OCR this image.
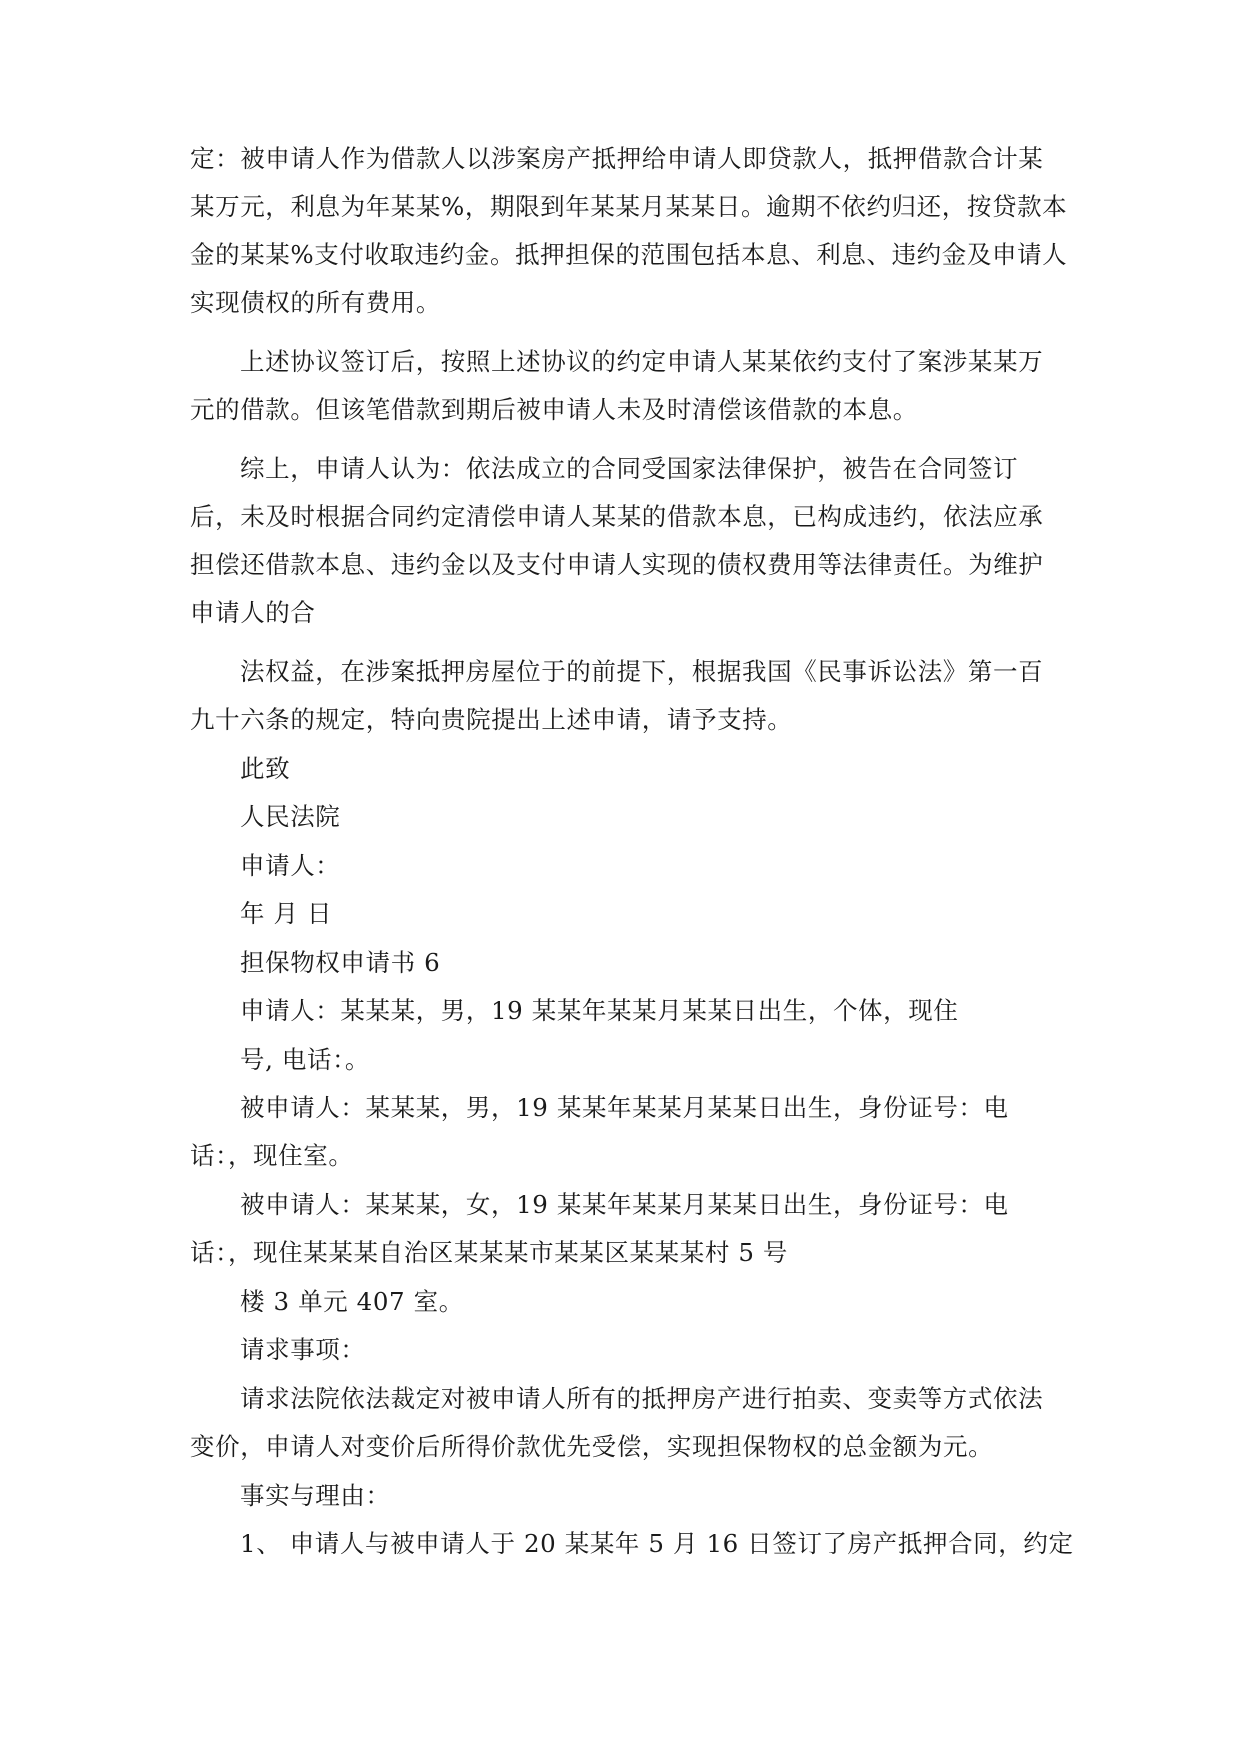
定：被申请人作为借款人以涉案房产抵押给申请人即贷款人，抵押借款合计某
某万元，利息为年某某%，期限到年某某月某某日。逾期不依约归还，按贷款本
金的某某%支付收取违约金。抵押担保的范围包括本息、利息、违约金及申请人
实现债权的所有费用。
上述协议签订后，按照上述协议的约定申请人某某依约支付了案涉某某万
元的借款。但该笔借款到期后被申请人未及时清偿该借款的本息。
综上，申请人认为：依法成立的合同受国家法律保护，被告在合同签订
后，未及时根据合同约定清偿申请人某某的借款本息，已构成违约，依法应承
担偿还借款本息、违约金以及支付申请人实现的债权费用等法律责任。为维护
申请人的合
法权益，在涉案抵押房屋位于的前提下，根据我国《民事诉讼法》第一百
九十六条的规定，特向贵院提出上述申请，请予支持。
此致
人民法院
申请人：
年 月 日
担保物权申请书 6
申请人：某某某，男，19 某某年某某月某某日出生，个体，现住
号, 电话：。
被申请人：某某某，男，19 某某年某某月某某日出生，身份证号：电
话：，现住室。
被申请人：某某某，女，19 某某年某某月某某日出生，身份证号：电
话：，现住某某某自治区某某某市某某区某某某村 5 号
楼 3 单元 407 室。
请求事项：
请求法院依法裁定对被申请人所有的抵押房产进行拍卖、变卖等方式依法
变价，申请人对变价后所得价款优先受偿，实现担保物权的总金额为元。
事实与理由：
1、 申请人与被申请人于 20 某某年 5 月 16 日签订了房产抵押合同，约定
